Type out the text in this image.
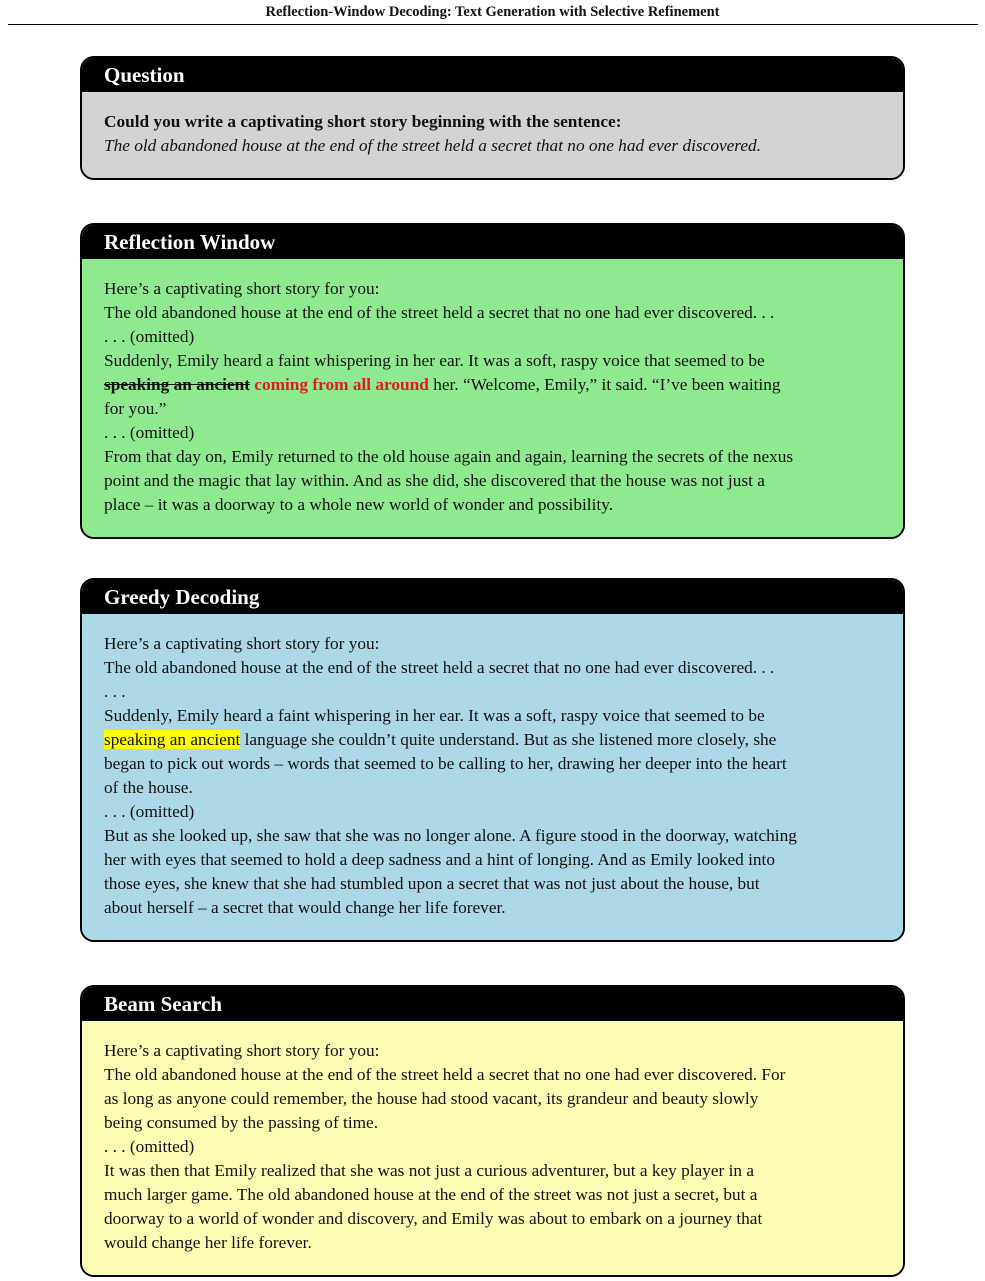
Reflection-Window Decoding: Text Generation with Selective Refinement
Question
Could you write a captivating short story beginning with the sentence:
The old abandoned house at the end of the street held a secret that no one had ever discovered.
Reflection Window
Here’s a captivating short story for you:
The old abandoned house at the end of the street held a secret that no one had ever discovered. . .
. . . (omitted)
Suddenly, Emily heard a faint whispering in her ear. It was a soft, raspy voice that seemed to be
speaking an ancient coming from all around her. “Welcome, Emily,” it said. “I’ve been waiting
for you.”
. . . (omitted)
From that day on, Emily returned to the old house again and again, learning the secrets of the nexus
point and the magic that lay within. And as she did, she discovered that the house was not just a
place – it was a doorway to a whole new world of wonder and possibility.
Greedy Decoding
Here’s a captivating short story for you:
The old abandoned house at the end of the street held a secret that no one had ever discovered. . .
. . .
Suddenly, Emily heard a faint whispering in her ear. It was a soft, raspy voice that seemed to be
speaking an ancient language she couldn’t quite understand. But as she listened more closely, she
began to pick out words – words that seemed to be calling to her, drawing her deeper into the heart
of the house.
. . . (omitted)
But as she looked up, she saw that she was no longer alone. A figure stood in the doorway, watching
her with eyes that seemed to hold a deep sadness and a hint of longing. And as Emily looked into
those eyes, she knew that she had stumbled upon a secret that was not just about the house, but
about herself – a secret that would change her life forever.
Beam Search
Here’s a captivating short story for you:
The old abandoned house at the end of the street held a secret that no one had ever discovered. For
as long as anyone could remember, the house had stood vacant, its grandeur and beauty slowly
being consumed by the passing of time.
. . . (omitted)
It was then that Emily realized that she was not just a curious adventurer, but a key player in a
much larger game. The old abandoned house at the end of the street was not just a secret, but a
doorway to a world of wonder and discovery, and Emily was about to embark on a journey that
would change her life forever.
